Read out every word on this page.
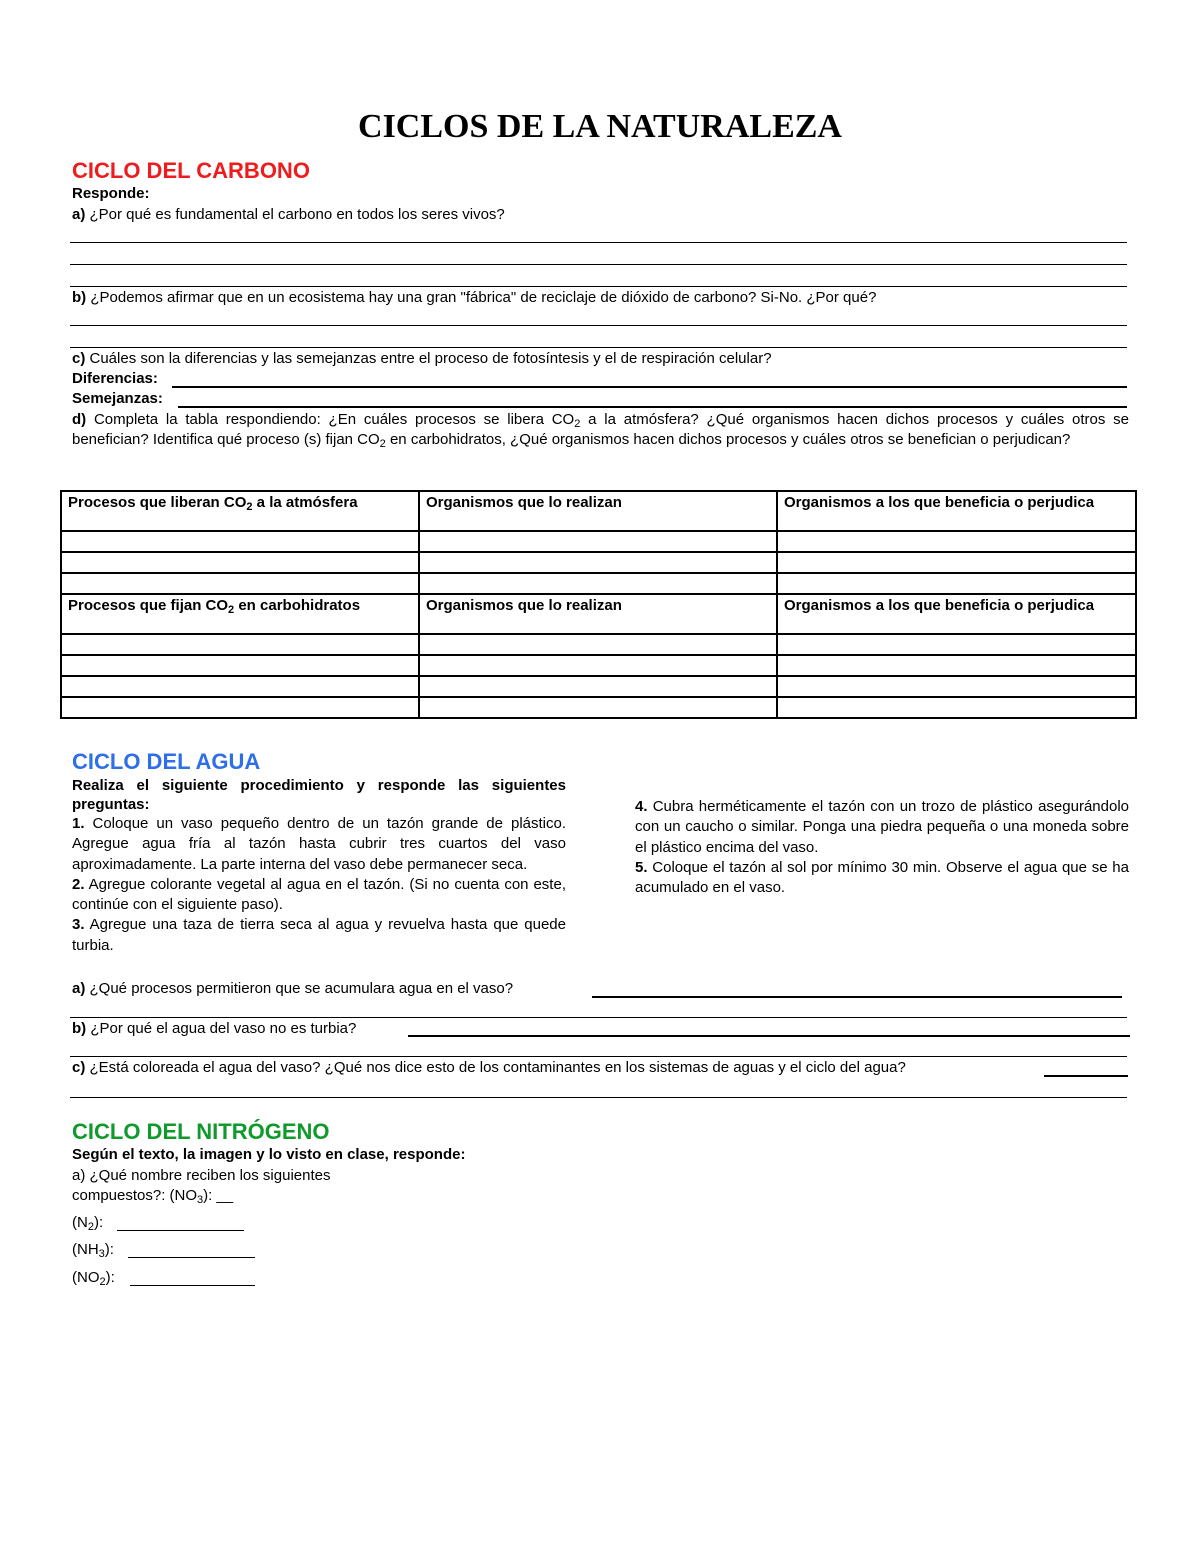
CICLOS DE LA NATURALEZA
CICLO DEL CARBONO
Responde:
a) ¿Por qué es fundamental el carbono en todos los seres vivos?
b) ¿Podemos afirmar que en un ecosistema hay una gran "fábrica" de reciclaje de dióxido de carbono? Si-No. ¿Por qué?
c) Cuáles son la diferencias y las semejanzas entre el proceso de fotosíntesis y el de respiración celular?
Diferencias:
Semejanzas:
d) Completa la tabla respondiendo: ¿En cuáles procesos se libera $CO_2$ a la atmósfera? ¿Qué organismos hacen dichos procesos y cuáles otros se benefician? Identifica qué proceso (s) fijan $CO_2$ en carbohidratos, ¿Qué organismos hacen dichos procesos y cuáles otros se benefician o perjudican?
Procesos que liberan $CO_2$ a la atmósfera	Organismos que lo realizan	Organismos a los que beneficia o perjudica

Procesos que fijan $CO_2$ en carbohidratos	Organismos que lo realizan	Organismos a los que beneficia o perjudica

CICLO DEL AGUA
Realiza el siguiente procedimiento y responde las siguientes preguntas:
1. Coloque un vaso pequeño dentro de un tazón grande de plástico. Agregue agua fría al tazón hasta cubrir tres cuartos del vaso aproximadamente. La parte interna del vaso debe permanecer seca.
2. Agregue colorante vegetal al agua en el tazón. (Si no cuenta con este, continúe con el siguiente paso).
3. Agregue una taza de tierra seca al agua y revuelva hasta que quede turbia.
4. Cubra herméticamente el tazón con un trozo de plástico asegurándolo con un caucho o similar. Ponga una piedra pequeña o una moneda sobre el plástico encima del vaso.
5. Coloque el tazón al sol por mínimo 30 min. Observe el agua que se ha acumulado en el vaso.
a) ¿Qué procesos permitieron que se acumulara agua en el vaso?
b) ¿Por qué el agua del vaso no es turbia?
c) ¿Está coloreada el agua del vaso? ¿Qué nos dice esto de los contaminantes en los sistemas de aguas y el ciclo del agua?
CICLO DEL NITRÓGENO
Según el texto, la imagen y lo visto en clase, responde:
a) ¿Qué nombre reciben los siguientes
compuestos?: $(NO_3)$: __
$(N_2)$:
$(NH_3)$:
$(NO_2)$:
